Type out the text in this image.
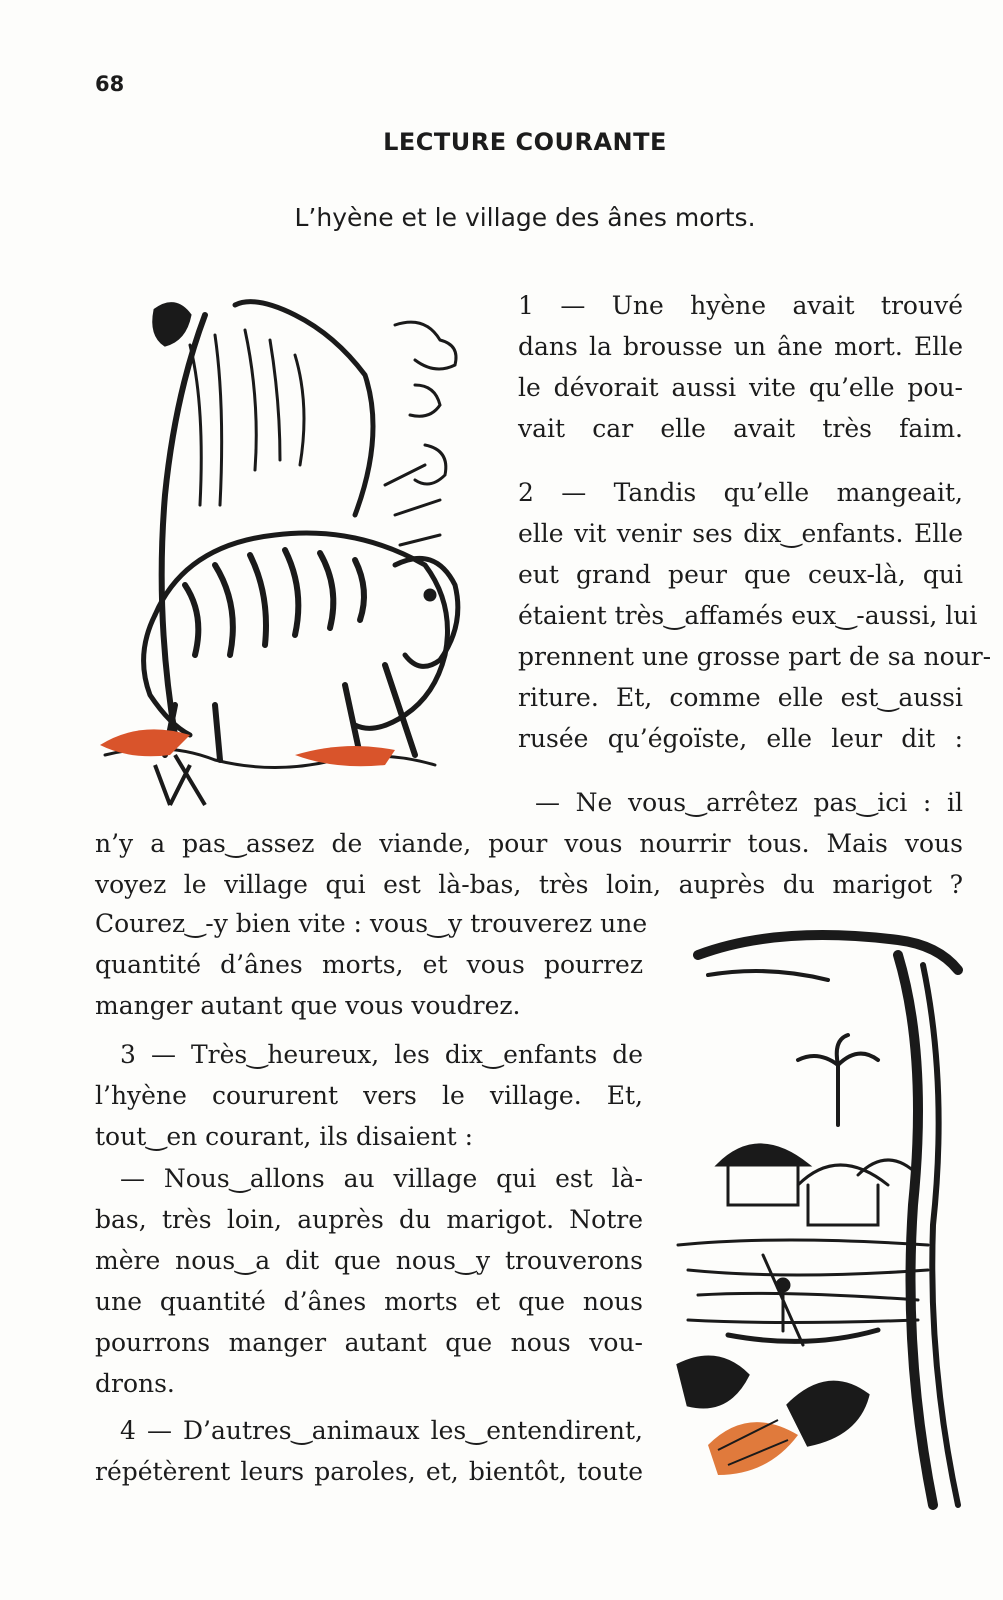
68
LECTURE COURANTE
L’hyène et le village des ânes morts.
1 — Une hyène avait trouvé
dans la brousse un âne mort. Elle
le dévorait aussi vite qu’elle pou-
vait car elle avait très faim.
2 — Tandis qu’elle mangeait,
elle vit venir ses dix‿enfants. Elle
eut grand peur que ceux-là, qui
étaient très‿affamés eux‿-aussi, lui
prennent une grosse part de sa nour-
riture. Et, comme elle est‿aussi
rusée qu’égoïste, elle leur dit :
— Ne vous‿arrêtez pas‿ici : il
n’y a pas‿assez de viande, pour vous nourrir tous. Mais vous
voyez le village qui est là-bas, très loin, auprès du marigot ?
Courez‿-y bien vite : vous‿y trouverez une
quantité d’ânes morts, et vous pourrez
manger autant que vous voudrez.
3 — Très‿heureux, les dix‿enfants de
l’hyène coururent vers le village. Et,
tout‿en courant, ils disaient :
— Nous‿allons au village qui est là-
bas, très loin, auprès du marigot. Notre
mère nous‿a dit que nous‿y trouverons
une quantité d’ânes morts et que nous
pourrons manger autant que nous vou-
drons.
4 — D’autres‿animaux les‿entendirent,
répétèrent leurs paroles, et, bientôt, toute
